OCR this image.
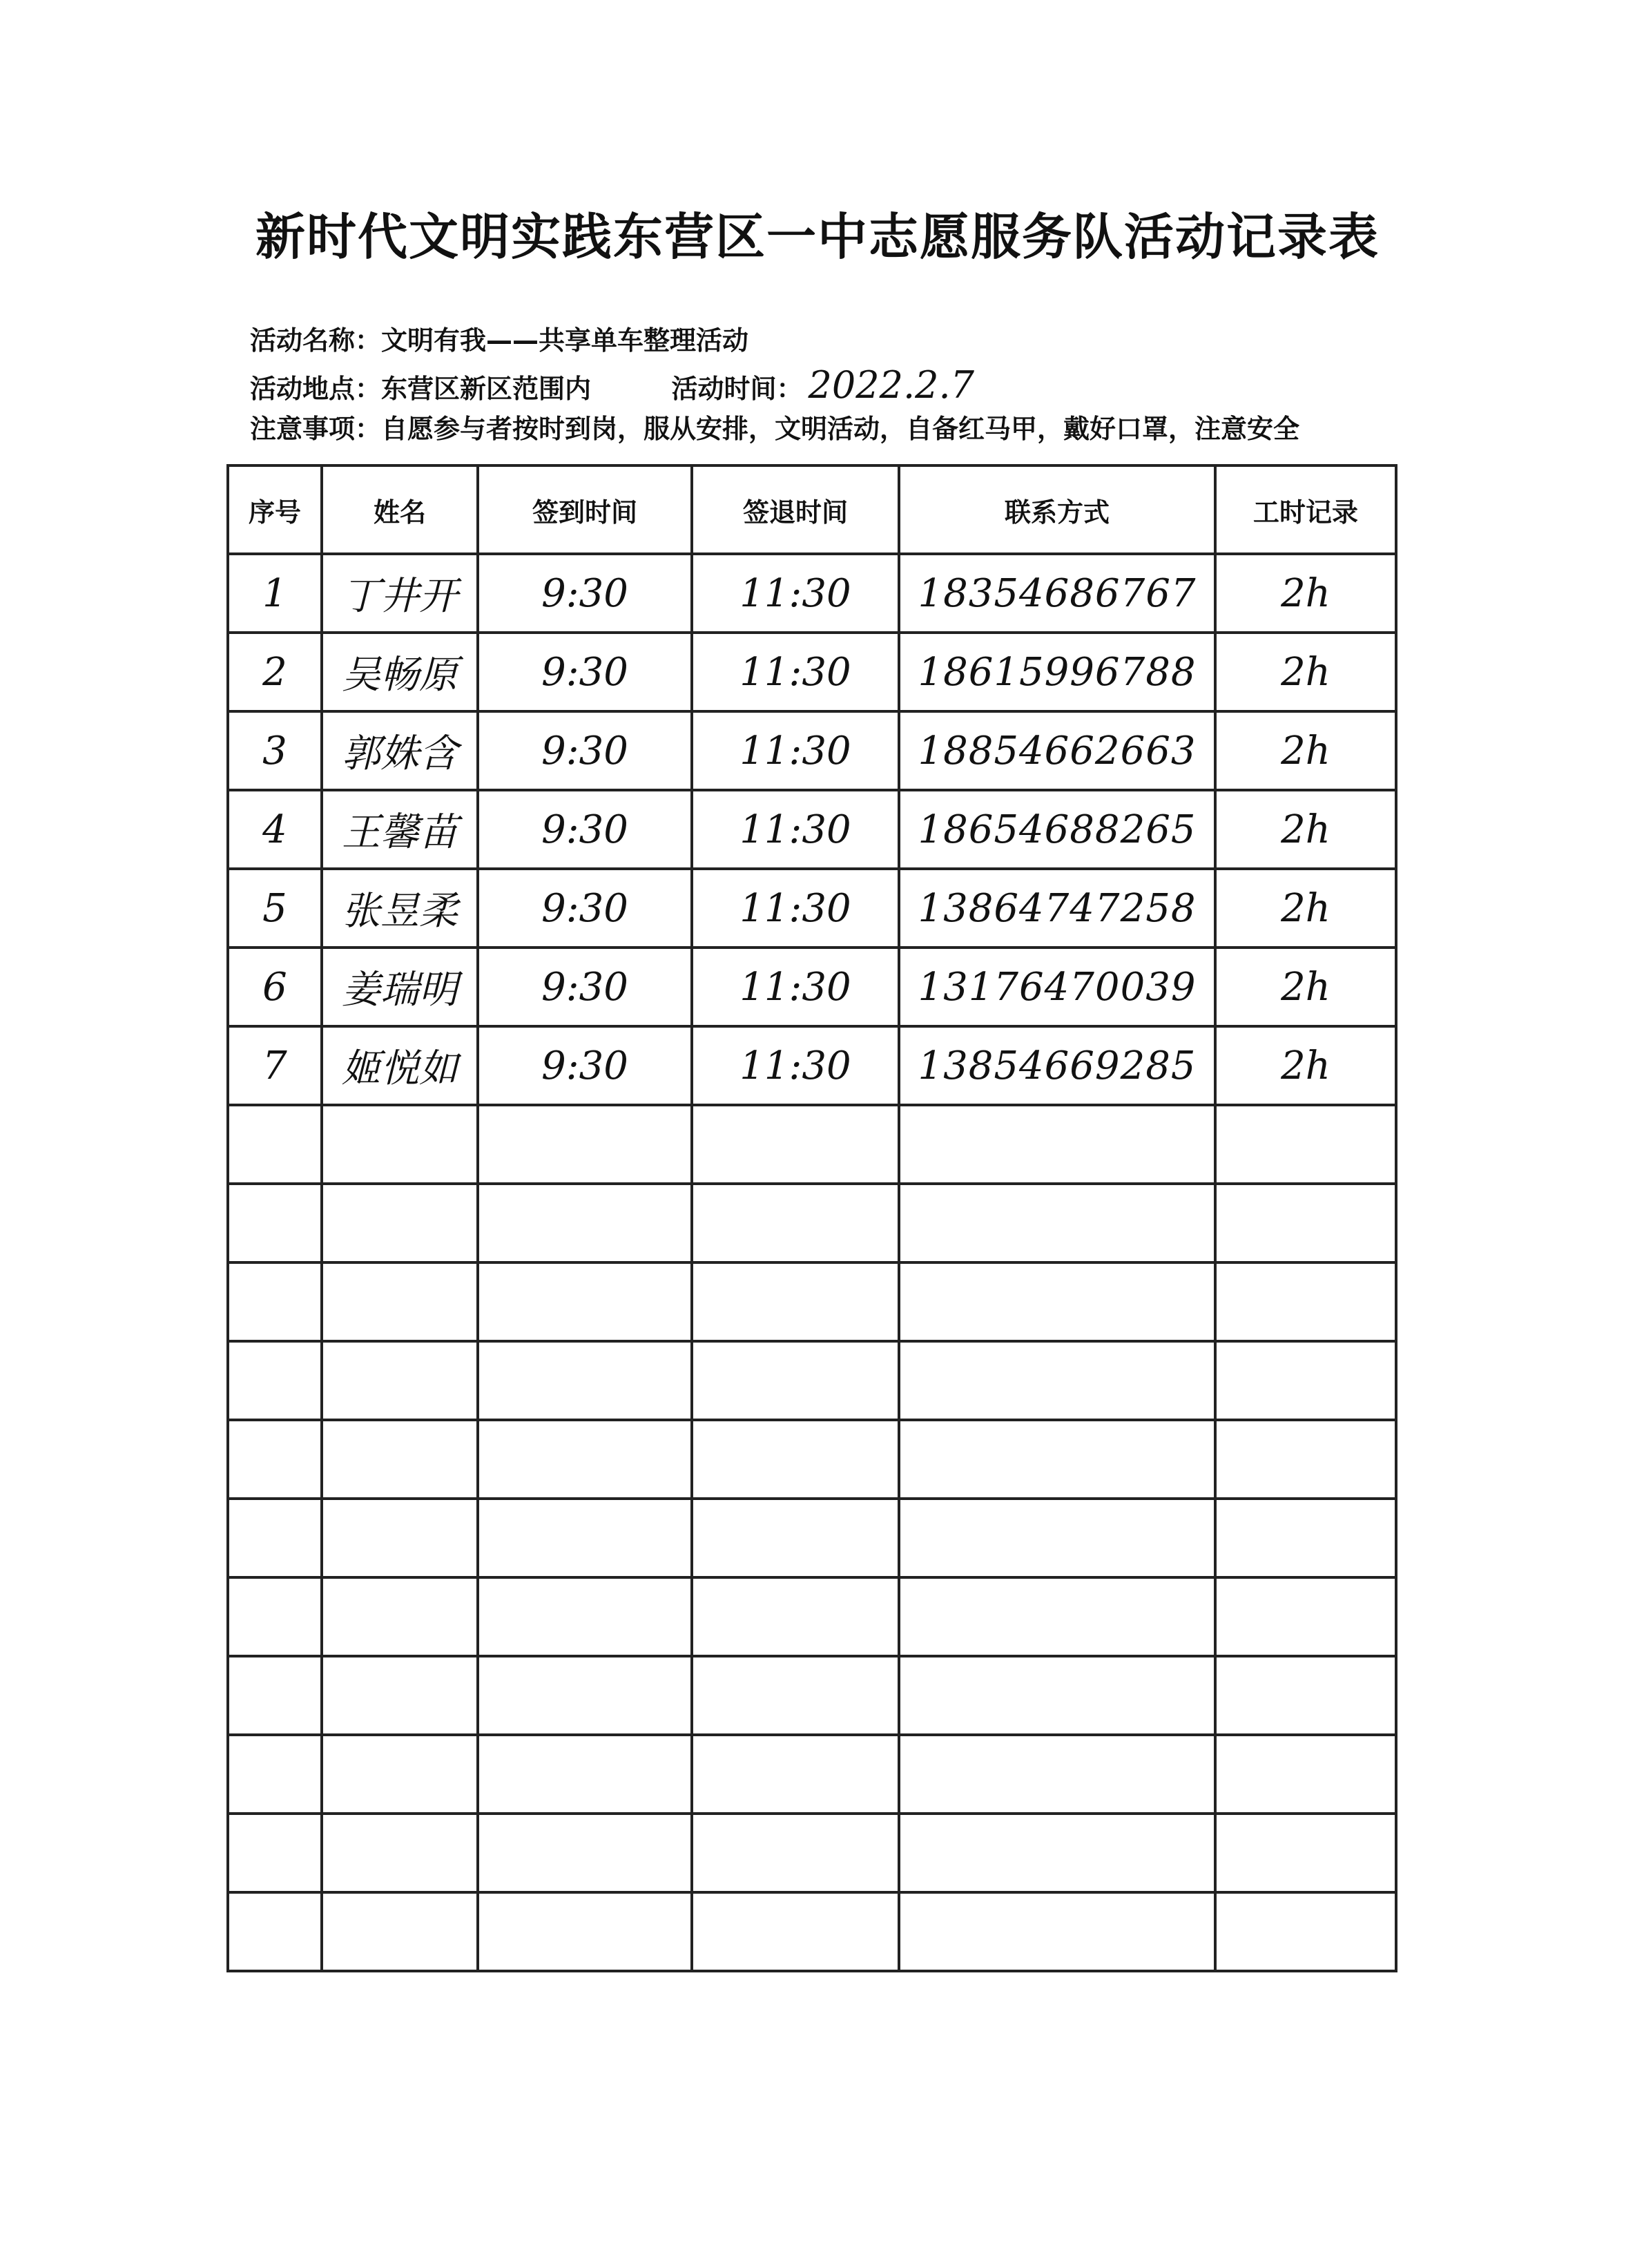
新时代文明实践东营区一中志愿服务队活动记录表
活动名称：文明有我——共享单车整理活动
活动地点：东营区新区范围内	活动时间： 2022.2.7
注意事项：自愿参与者按时到岗，服从安排，文明活动，自备红马甲，戴好口罩，注意安全
序号	姓名	签到时间	签退时间	联系方式	工时记录
1	丁井开	9:30	11:30	18354686767	2h
2	吴畅原	9:30	11:30	18615996788	2h
3	郭姝含	9:30	11:30	18854662663	2h
4	王馨苗	9:30	11:30	18654688265	2h
5	张昱柔	9:30	11:30	13864747258	2h
6	姜瑞明	9:30	11:30	13176470039	2h
7	姬悦如	9:30	11:30	13854669285	2h
